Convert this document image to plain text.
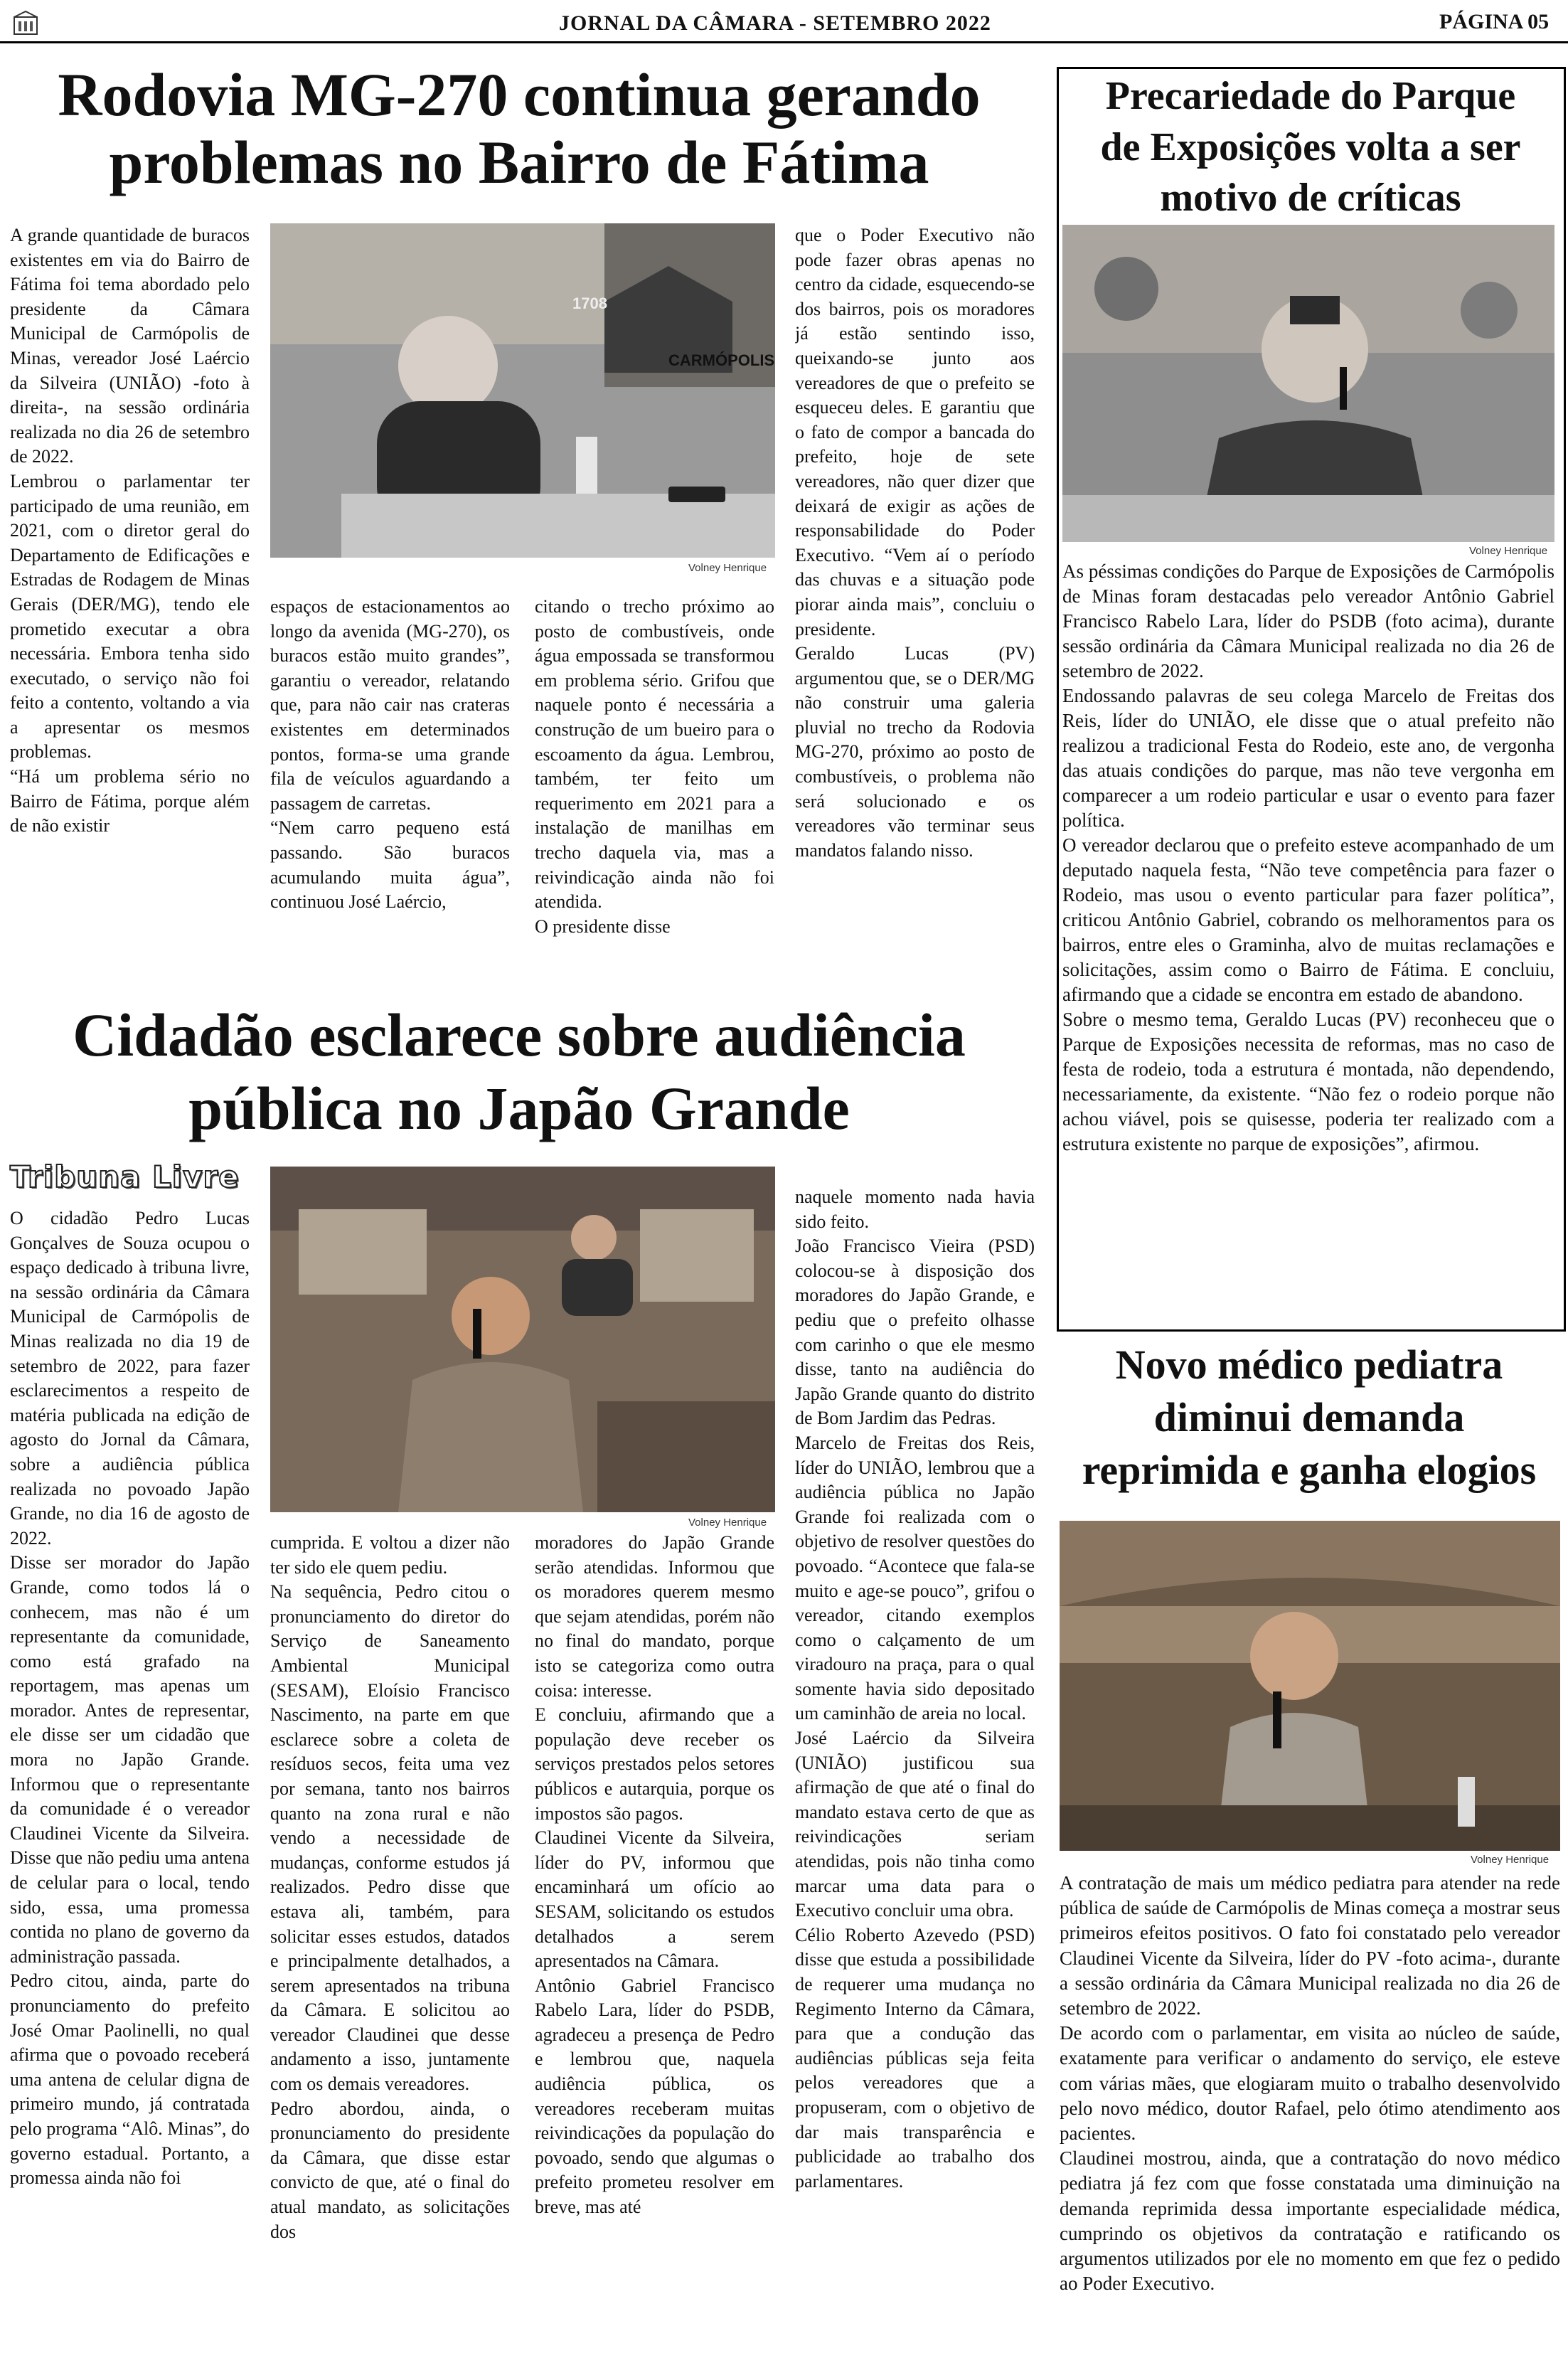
JORNAL DA CÂMARA - SETEMBRO 2022	PÁGINA 05
Rodovia MG-270 continua gerando
problemas no Bairro de Fátima

A grande quantidade de buracos existentes em via do Bairro de Fátima foi tema abordado pelo presidente da Câmara Municipal de Carmópolis de Minas, vereador José Laércio da Silveira (UNIÃO) -foto à direita-, na sessão ordinária realizada no dia 26 de setembro de 2022.
Lembrou o parlamentar ter participado de uma reunião, em 2021, com o diretor geral do Departamento de Edificações e Estradas de Rodagem de Minas Gerais (DER/MG), tendo ele prometido executar a obra necessária. Embora tenha sido executado, o serviço não foi feito a contento, voltando a via a apresentar os mesmos problemas.
“Há um problema sério no Bairro de Fátima, porque além de não existir

1708
CARMÓPOLIS
Volney Henrique

espaços de estacionamentos ao longo da avenida (MG-270), os buracos estão muito grandes”, garantiu o vereador, relatando que, para não cair nas crateras existentes em determinados pontos, forma-se uma grande fila de veículos aguardando a passagem de carretas.
“Nem carro pequeno está passando. São buracos acumulando muita água”, continuou José Laércio,

citando o trecho próximo ao posto de combustíveis, onde água empossada se transformou em problema sério. Grifou que naquele ponto é necessária a construção de um bueiro para o escoamento da água. Lembrou, também, ter feito um requerimento em 2021 para a instalação de manilhas em trecho daquela via, mas a reivindicação ainda não foi atendida.
O presidente disse

que o Poder Executivo não pode fazer obras apenas no centro da cidade, esquecendo-se dos bairros, pois os moradores já estão sentindo isso, queixando-se junto aos vereadores de que o prefeito se esqueceu deles. E garantiu que o fato de compor a bancada do prefeito, hoje de sete vereadores, não quer dizer que deixará de exigir as ações de responsabilidade do Poder Executivo. “Vem aí o período das chuvas e a situação pode piorar ainda mais”, concluiu o presidente.
Geraldo Lucas (PV) argumentou que, se o DER/MG não construir uma galeria pluvial no trecho da Rodovia MG-270, próximo ao posto de combustíveis, o problema não será solucionado e os vereadores vão terminar seus mandatos falando nisso.

Precariedade do Parque
de Exposições volta a ser
motivo de críticas
Volney Henrique

As péssimas condições do Parque de Exposições de Carmópolis de Minas foram destacadas pelo vereador Antônio Gabriel Francisco Rabelo Lara, líder do PSDB (foto acima), durante sessão ordinária da Câmara Municipal realizada no dia 26 de setembro de 2022.
Endossando palavras de seu colega Marcelo de Freitas dos Reis, líder do UNIÃO, ele disse que o atual prefeito não realizou a tradicional Festa do Rodeio, este ano, de vergonha das atuais condições do parque, mas não teve vergonha em comparecer a um rodeio particular e usar o evento para fazer política.
O vereador declarou que o prefeito esteve acompanhado de um deputado naquela festa, “Não teve competência para fazer o Rodeio, mas usou o evento particular para fazer política”, criticou Antônio Gabriel, cobrando os melhoramentos para os bairros, entre eles o Graminha, alvo de muitas reclamações e solicitações, assim como o Bairro de Fátima. E concluiu, afirmando que a cidade se encontra em estado de abandono.
Sobre o mesmo tema, Geraldo Lucas (PV) reconheceu que o Parque de Exposições necessita de reformas, mas no caso de festa de rodeio, toda a estrutura é montada, não dependendo, necessariamente, da existente. “Não fez o rodeio porque não achou viável, pois se quisesse, poderia ter realizado com a estrutura existente no parque de exposições”, afirmou.

Cidadão esclarece sobre audiência
pública no Japão Grande
Tribuna Livre

O cidadão Pedro Lucas Gonçalves de Souza ocupou o espaço dedicado à tribuna livre, na sessão ordinária da Câmara Municipal de Carmópolis de Minas realizada no dia 19 de setembro de 2022, para fazer esclarecimentos a respeito de matéria publicada na edição de agosto do Jornal da Câmara, sobre a audiência pública realizada no povoado Japão Grande, no dia 16 de agosto de 2022.
Disse ser morador do Japão Grande, como todos lá o conhecem, mas não é um representante da comunidade, como está grafado na reportagem, mas apenas um morador. Antes de representar, ele disse ser um cidadão que mora no Japão Grande. Informou que o representante da comunidade é o vereador Claudinei Vicente da Silveira. Disse que não pediu uma antena de celular para o local, tendo sido, essa, uma promessa contida no plano de governo da administração passada.
Pedro citou, ainda, parte do pronunciamento do prefeito José Omar Paolinelli, no qual afirma que o povoado receberá uma antena de celular digna de primeiro mundo, já contratada pelo programa “Alô. Minas”, do governo estadual. Portanto, a promessa ainda não foi

Volney Henrique

cumprida. E voltou a dizer não ter sido ele quem pediu.
Na sequência, Pedro citou o pronunciamento do diretor do Serviço de Saneamento Ambiental Municipal (SESAM), Eloísio Francisco Nascimento, na parte em que esclarece sobre a coleta de resíduos secos, feita uma vez por semana, tanto nos bairros quanto na zona rural e não vendo a necessidade de mudanças, conforme estudos já realizados. Pedro disse que estava ali, também, para solicitar esses estudos, datados e principalmente detalhados, a serem apresentados na tribuna da Câmara. E solicitou ao vereador Claudinei que desse andamento a isso, juntamente com os demais vereadores.
Pedro abordou, ainda, o pronunciamento do presidente da Câmara, que disse estar convicto de que, até o final do atual mandato, as solicitações dos

moradores do Japão Grande serão atendidas. Informou que os moradores querem mesmo que sejam atendidas, porém não no final do mandato, porque isto se categoriza como outra coisa: interesse.
E concluiu, afirmando que a população deve receber os serviços prestados pelos setores públicos e autarquia, porque os impostos são pagos.
Claudinei Vicente da Silveira, líder do PV, informou que encaminhará um ofício ao SESAM, solicitando os estudos detalhados a serem apresentados na Câmara.
Antônio Gabriel Francisco Rabelo Lara, líder do PSDB, agradeceu a presença de Pedro e lembrou que, naquela audiência pública, os vereadores receberam muitas reivindicações da população do povoado, sendo que algumas o prefeito prometeu resolver em breve, mas até

naquele momento nada havia sido feito.
João Francisco Vieira (PSD) colocou-se à disposição dos moradores do Japão Grande, e pediu que o prefeito olhasse com carinho o que ele mesmo disse, tanto na audiência do Japão Grande quanto do distrito de Bom Jardim das Pedras.
Marcelo de Freitas dos Reis, líder do UNIÃO, lembrou que a audiência pública no Japão Grande foi realizada com o objetivo de resolver questões do povoado. “Acontece que fala-se muito e age-se pouco”, grifou o vereador, citando exemplos como o calçamento de um viradouro na praça, para o qual somente havia sido depositado um caminhão de areia no local.
José Laércio da Silveira (UNIÃO) justificou sua afirmação de que até o final do mandato estava certo de que as reivindicações seriam atendidas, pois não tinha como marcar uma data para o Executivo concluir uma obra.
Célio Roberto Azevedo (PSD) disse que estuda a possibilidade de requerer uma mudança no Regimento Interno da Câmara, para que a condução das audiências públicas seja feita pelos vereadores que a propuseram, com o objetivo de dar mais transparência e publicidade ao trabalho dos parlamentares.

Novo médico pediatra
diminui demanda
reprimida e ganha elogios
Volney Henrique

A contratação de mais um médico pediatra para atender na rede pública de saúde de Carmópolis de Minas começa a mostrar seus primeiros efeitos positivos. O fato foi constatado pelo vereador Claudinei Vicente da Silveira, líder do PV -foto acima-, durante a sessão ordinária da Câmara Municipal realizada no dia 26 de setembro de 2022.
De acordo com o parlamentar, em visita ao núcleo de saúde, exatamente para verificar o andamento do serviço, ele esteve com várias mães, que elogiaram muito o trabalho desenvolvido pelo novo médico, doutor Rafael, pelo ótimo atendimento aos pacientes.
Claudinei mostrou, ainda, que a contratação do novo médico pediatra já fez com que fosse constatada uma diminuição na demanda reprimida dessa importante especialidade médica, cumprindo os objetivos da contratação e ratificando os argumentos utilizados por ele no momento em que fez o pedido ao Poder Executivo.
